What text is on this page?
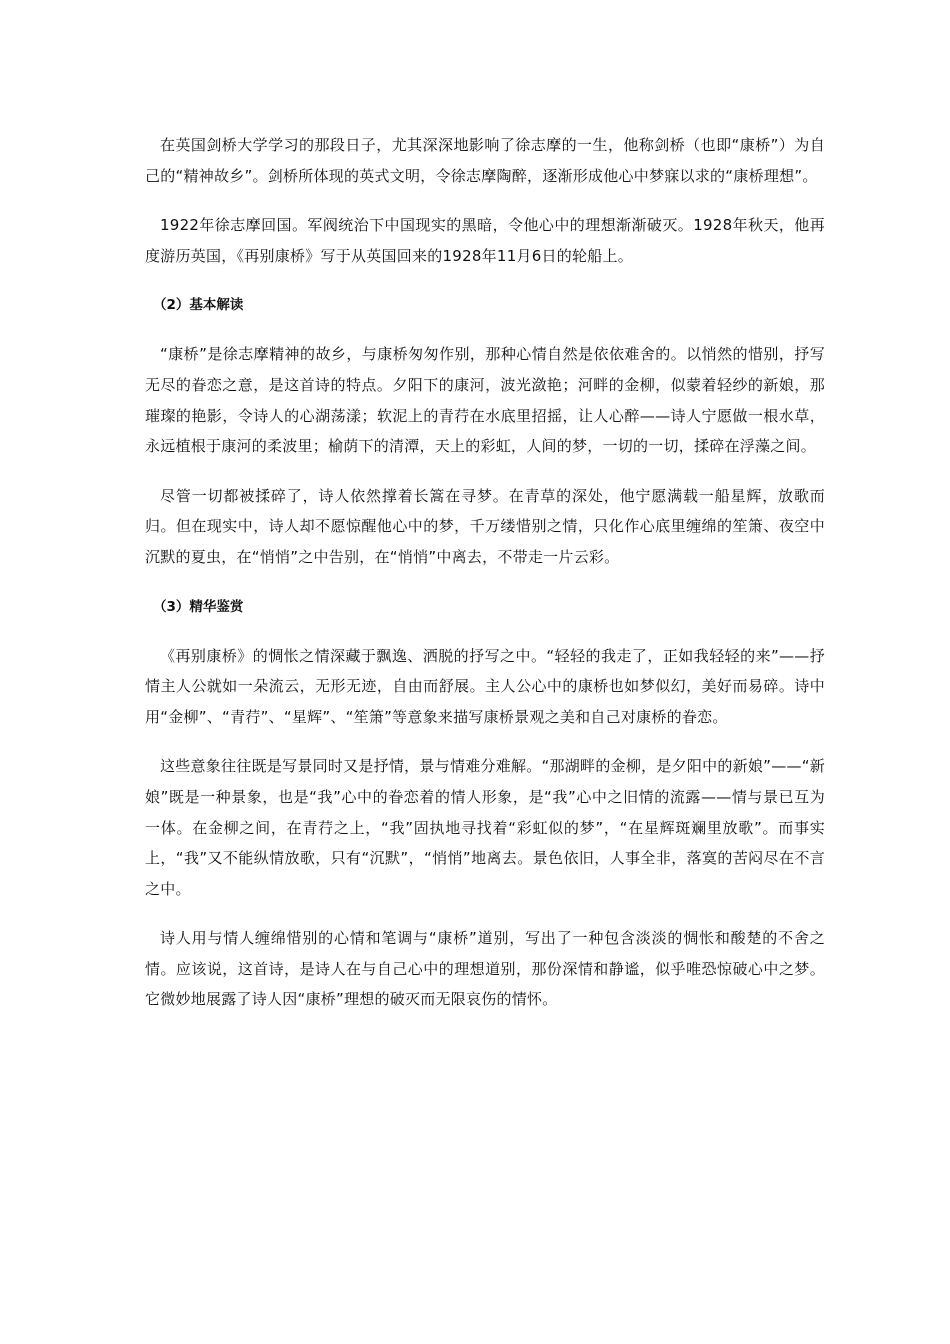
在英国剑桥大学学习的那段日子，尤其深深地影响了徐志摩的一生，他称剑桥（也即“康桥”）为自己的“精神故乡”。剑桥所体现的英式文明，令徐志摩陶醉，逐渐形成他心中梦寐以求的“康桥理想”。

1922年徐志摩回国。军阀统治下中国现实的黑暗，令他心中的理想渐渐破灭。1928年秋天，他再度游历英国，《再别康桥》写于从英国回来的1928年11月6日的轮船上。

（2）基本解读

“康桥”是徐志摩精神的故乡，与康桥匆匆作别，那种心情自然是依依难舍的。以悄然的惜别，抒写无尽的眷恋之意，是这首诗的特点。夕阳下的康河，波光潋艳；河畔的金柳，似蒙着轻纱的新娘，那璀璨的艳影，令诗人的心湖荡漾；软泥上的青荇在水底里招摇，让人心醉——诗人宁愿做一根水草，永远植根于康河的柔波里；榆荫下的清潭，天上的彩虹，人间的梦，一切的一切，揉碎在浮藻之间。

尽管一切都被揉碎了，诗人依然撑着长篙在寻梦。在青草的深处，他宁愿满载一船星辉，放歌而归。但在现实中，诗人却不愿惊醒他心中的梦，千万缕惜别之情，只化作心底里缠绵的笙箫、夜空中沉默的夏虫，在“悄悄”之中告别，在“悄悄”中离去，不带走一片云彩。

（3）精华鉴赏

《再别康桥》的惆怅之情深藏于飘逸、洒脱的抒写之中。“轻轻的我走了，正如我轻轻的来”——抒情主人公就如一朵流云，无形无迹，自由而舒展。主人公心中的康桥也如梦似幻，美好而易碎。诗中用“金柳”、“青荇”、“星辉”、“笙箫”等意象来描写康桥景观之美和自己对康桥的眷恋。

这些意象往往既是写景同时又是抒情，景与情难分难解。“那湖畔的金柳，是夕阳中的新娘”——“新娘”既是一种景象，也是“我”心中的眷恋着的情人形象，是“我”心中之旧情的流露——情与景已互为一体。在金柳之间，在青荇之上，“我”固执地寻找着“彩虹似的梦”，“在星辉斑斓里放歌”。而事实上，“我”又不能纵情放歌，只有“沉默”，“悄悄”地离去。景色依旧，人事全非，落寞的苦闷尽在不言之中。

诗人用与情人缠绵惜别的心情和笔调与“康桥”道别，写出了一种包含淡淡的惆怅和酸楚的不舍之情。应该说，这首诗，是诗人在与自己心中的理想道别，那份深情和静谧，似乎唯恐惊破心中之梦。它微妙地展露了诗人因“康桥”理想的破灭而无限哀伤的情怀。
